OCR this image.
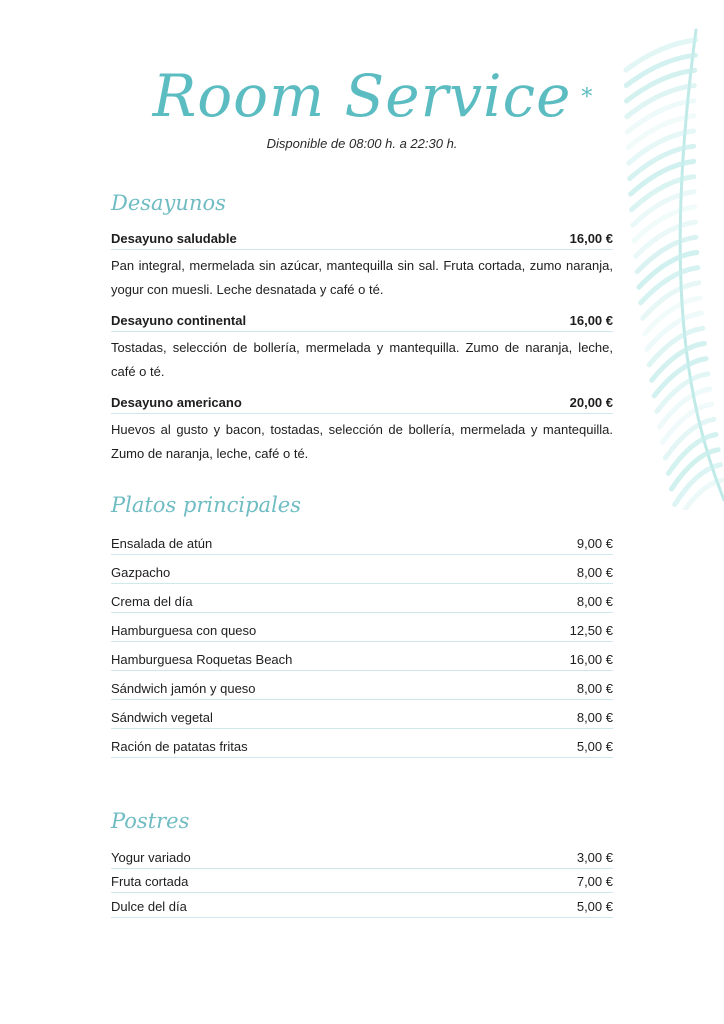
Room Service *
Disponible de 08:00 h. a 22:30 h.
Desayunos
Desayuno saludable	16,00 €
Pan integral, mermelada sin azúcar, mantequilla sin sal. Fruta cortada, zumo naranja, yogur con muesli. Leche desnatada y café o té.
Desayuno continental	16,00 €
Tostadas, selección de bollería, mermelada y mantequilla. Zumo de naranja, leche, café o té.
Desayuno americano	20,00 €
Huevos al gusto y bacon, tostadas, selección de bollería, mermelada y mantequilla. Zumo de naranja, leche, café o té.
Platos principales
Ensalada de atún	9,00 €
Gazpacho	8,00 €
Crema del día	8,00 €
Hamburguesa con queso	12,50 €
Hamburguesa Roquetas Beach	16,00 €
Sándwich jamón y queso	8,00 €
Sándwich vegetal	8,00 €
Ración de patatas fritas	5,00 €
Postres
Yogur variado	3,00 €
Fruta cortada	7,00 €
Dulce del día	5,00 €
